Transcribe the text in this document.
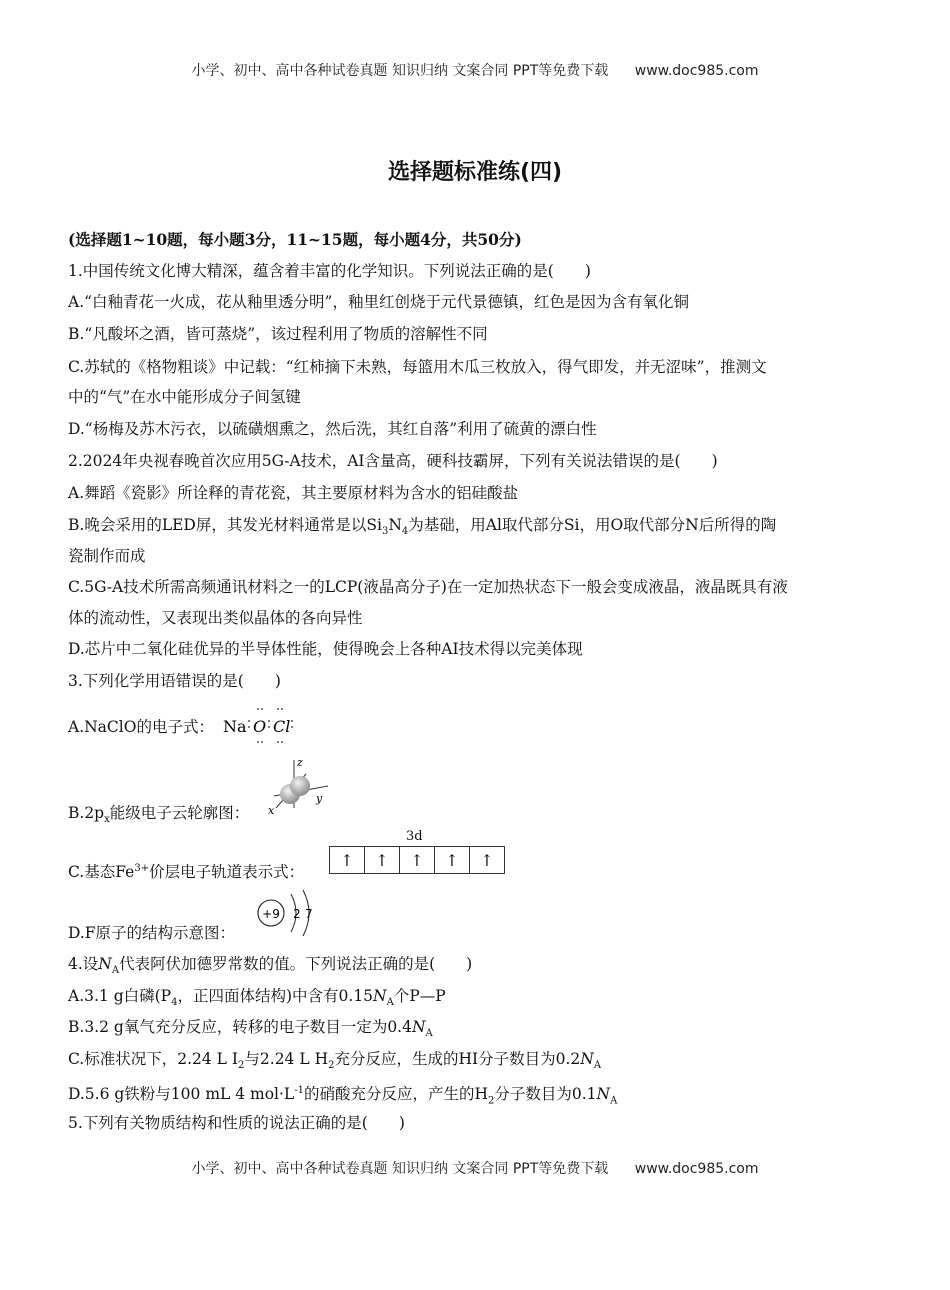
小学、初中、高中各种试卷真题 知识归纳 文案合同 PPT等免费下载 www.doc985.com
选择题标准练(四)
(选择题1~10题，每小题3分，11~15题，每小题4分，共50分)
1.中国传统文化博大精深，蕴含着丰富的化学知识。下列说法正确的是(　　)
A.“白釉青花一火成，花从釉里透分明”，釉里红创烧于元代景德镇，红色是因为含有氧化铜
B.“凡酸坏之酒，皆可蒸烧”，该过程利用了物质的溶解性不同
C.苏轼的《格物粗谈》中记载：“红柿摘下未熟，每篮用木瓜三枚放入，得气即发，并无涩味”，推测文
中的“气”在水中能形成分子间氢键
D.“杨梅及苏木污衣，以硫磺烟熏之，然后洗，其红自落”利用了硫黄的漂白性
2.2024年央视春晚首次应用5G-A技术，AI含量高，硬科技霸屏，下列有关说法错误的是(　　)
A.舞蹈《瓷影》所诠释的青花瓷，其主要原材料为含水的铝硅酸盐
B.晚会采用的LED屏，其发光材料通常是以$Si_3N_4$为基础，用Al取代部分Si，用O取代部分N后所得的陶
瓷制作而成
C.5G-A技术所需高频通讯材料之一的LCP(液晶高分子)在一定加热状态下一般会变成液晶，液晶既具有液
体的流动性，又表现出类似晶体的各向异性
D.芯片中二氧化硅优异的半导体性能，使得晚会上各种AI技术得以完美体现
3.下列化学用语错误的是(　　)
A.NaClO的电子式： Na O Cl
$B.2p_x$能级电子云轮廓图：
z
y
x
C.基态$Fe^{3+}$价层电子轨道表示式：
3d
↑	↑	↑	↑	↑
D.F原子的结构示意图：
+9 2 7
4.设$N_A$代表阿伏加德罗常数的值。下列说法正确的是(　　)
A.3.1 g白磷($P_4$，正四面体结构)中含有$0.15N_A$个P—P
B.3.2 g氧气充分反应，转移的电子数目一定为$0.4N_A$
C.标准状况下，2.24 L $I_2$与2.24 L $H_2$充分反应，生成的HI分子数目为$0.2N_A$
D.5.6 g铁粉与100 mL 4 $mol\cdot L^{-1}$的硝酸充分反应，产生的$H_2$分子数目为$0.1N_A$
5.下列有关物质结构和性质的说法正确的是(　　)
小学、初中、高中各种试卷真题 知识归纳 文案合同 PPT等免费下载 www.doc985.com
